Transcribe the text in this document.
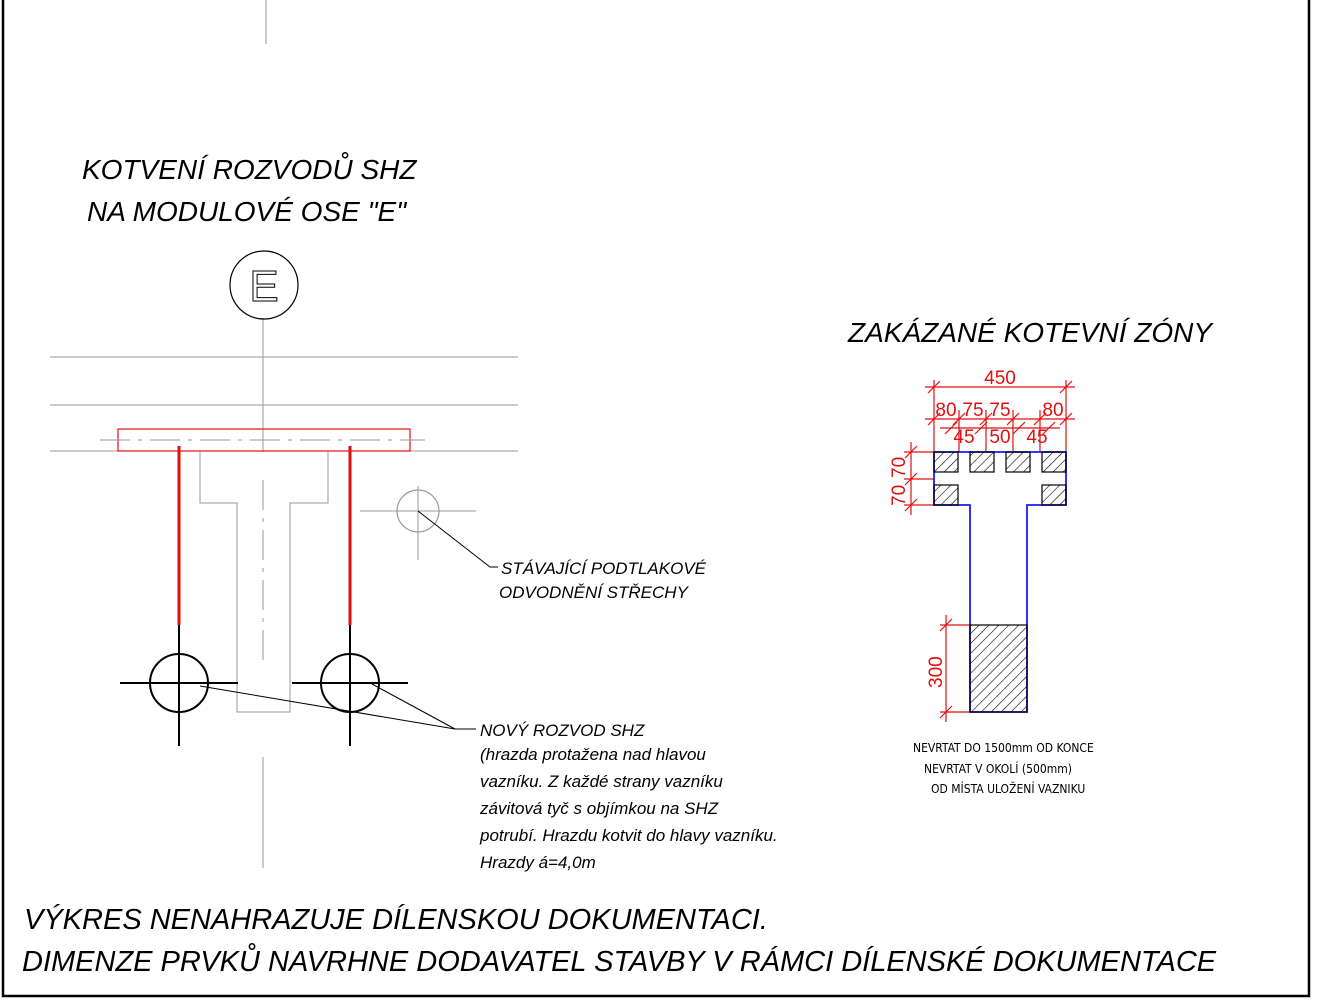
KOTVENÍ ROZVODŮ SHZ
NA MODULOVÉ OSE "E"
E
STÁVAJÍCÍ PODTLAKOVÉ
ODVODNĚNÍ STŘECHY
NOVÝ ROZVOD SHZ
(hrazda protažena nad hlavou
vazníku. Z každé strany vazníku
závitová tyč s objímkou na SHZ
potrubí. Hrazdu kotvit do hlavy vazníku.
Hrazdy á=4,0m
ZAKÁZANÉ KOTEVNÍ ZÓNY
450
80 75 75 80
45 50 45
70
70
300
NEVRTAT DO 1500mm OD KONCE
NEVRTAT V OKOLÍ (500mm)
OD MÍSTA ULOŽENÍ VAZNIKU
VÝKRES NENAHRAZUJE DÍLENSKOU DOKUMENTACI.
DIMENZE PRVKŮ NAVRHNE DODAVATEL STAVBY V RÁMCI DÍLENSKÉ DOKUMENTACE
